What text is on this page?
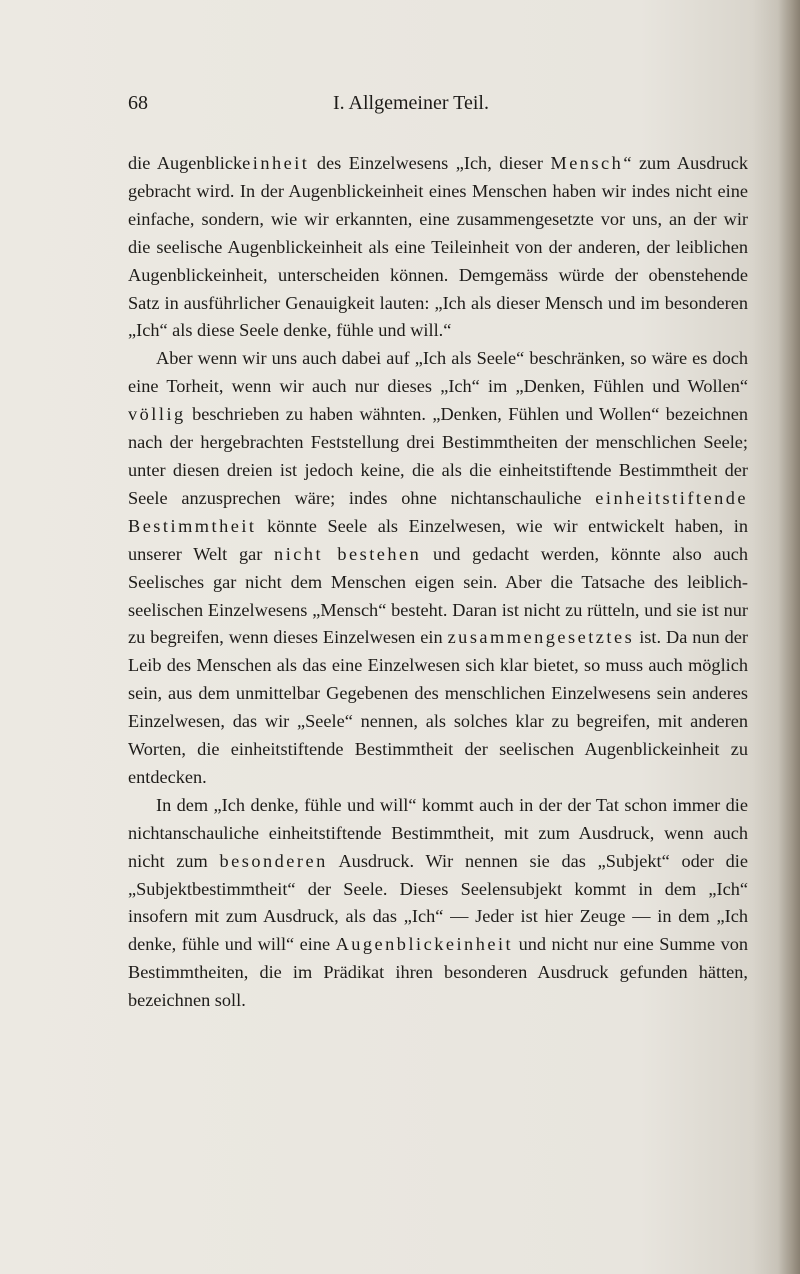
68	I. Allgemeiner Teil.

die Augenblickeinheit des Einzelwesens „Ich, dieser Mensch“ zum Ausdruck gebracht wird. In der Augenblickeinheit eines Menschen haben wir indes nicht eine einfache, sondern, wie wir erkannten, eine zusammengesetzte vor uns, an der wir die seelische Augenblickeinheit als eine Teileinheit von der anderen, der leiblichen Augenblickeinheit, unterscheiden können. Demgemäss würde der obenstehende Satz in ausführlicher Genauigkeit lauten: „Ich als dieser Mensch und im besonderen „Ich“ als diese Seele denke, fühle und will.“

Aber wenn wir uns auch dabei auf „Ich als Seele“ beschränken, so wäre es doch eine Torheit, wenn wir auch nur dieses „Ich“ im „Denken, Fühlen und Wollen“ völlig beschrieben zu haben wähnten. „Denken, Fühlen und Wollen“ bezeichnen nach der hergebrachten Feststellung drei Bestimmtheiten der menschlichen Seele; unter diesen dreien ist jedoch keine, die als die einheitstiftende Bestimmtheit der Seele anzusprechen wäre; indes ohne nichtanschauliche einheitstiftende Bestimmtheit könnte Seele als Einzelwesen, wie wir entwickelt haben, in unserer Welt gar nicht bestehen und gedacht werden, könnte also auch Seelisches gar nicht dem Menschen eigen sein. Aber die Tatsache des leiblich-seelischen Einzelwesens „Mensch“ besteht. Daran ist nicht zu rütteln, und sie ist nur zu begreifen, wenn dieses Einzelwesen ein zusammengesetztes ist. Da nun der Leib des Menschen als das eine Einzelwesen sich klar bietet, so muss auch möglich sein, aus dem unmittelbar Gegebenen des menschlichen Einzelwesens sein anderes Einzelwesen, das wir „Seele“ nennen, als solches klar zu begreifen, mit anderen Worten, die einheitstiftende Bestimmtheit der seelischen Augenblickeinheit zu entdecken.

In dem „Ich denke, fühle und will“ kommt auch in der der Tat schon immer die nichtanschauliche einheitstiftende Bestimmtheit, mit zum Ausdruck, wenn auch nicht zum besonderen Ausdruck. Wir nennen sie das „Subjekt“ oder die „Subjektbestimmtheit“ der Seele. Dieses Seelensubjekt kommt in dem „Ich“ insofern mit zum Ausdruck, als das „Ich“ — Jeder ist hier Zeuge — in dem „Ich denke, fühle und will“ eine Augenblickeinheit und nicht nur eine Summe von Bestimmtheiten, die im Prädikat ihren besonderen Ausdruck gefunden hätten, bezeichnen soll.
